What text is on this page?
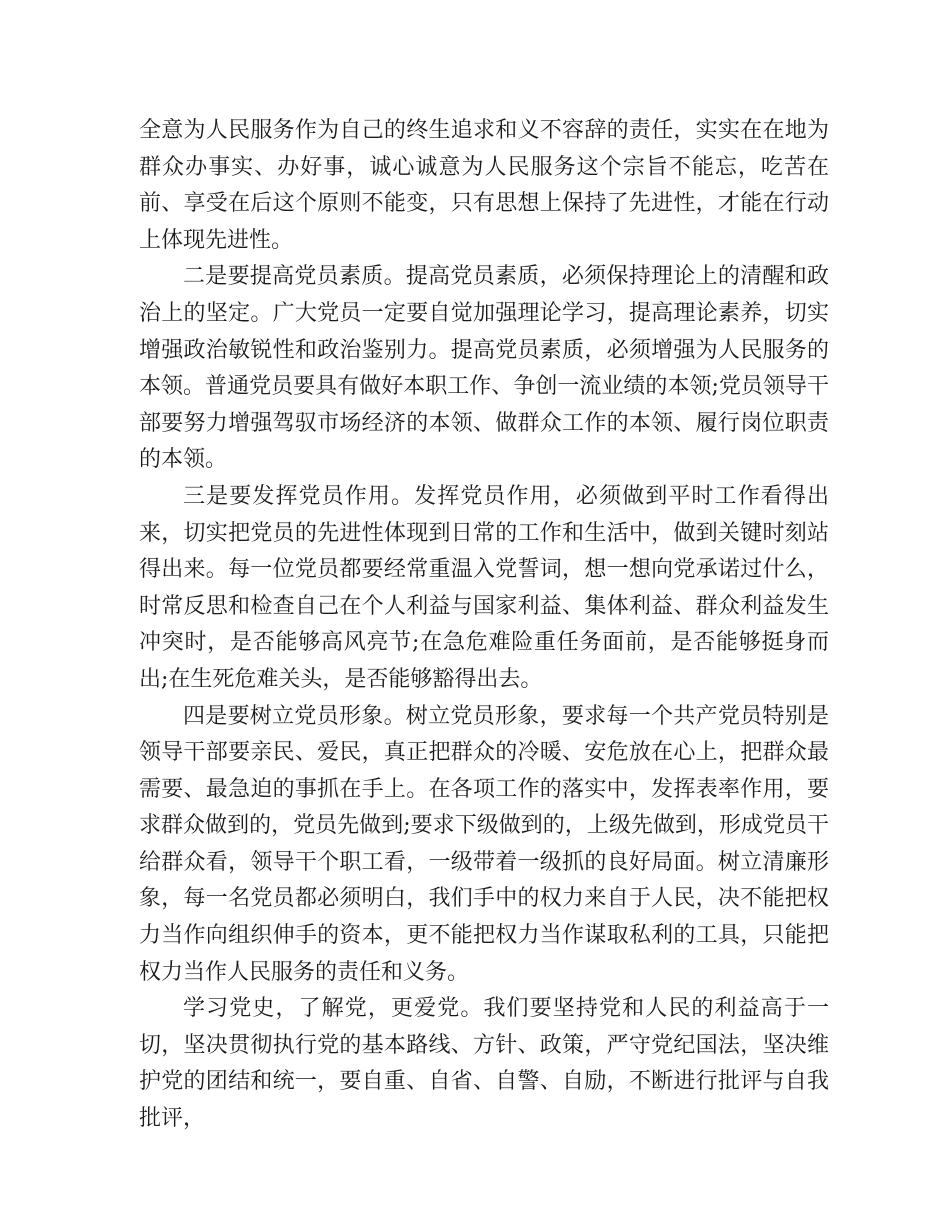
全意为人民服务作为自己的终生追求和义不容辞的责任，实实在在地为群众办事实、办好事，诚心诚意为人民服务这个宗旨不能忘，吃苦在前、享受在后这个原则不能变，只有思想上保持了先进性，才能在行动上体现先进性。

二是要提高党员素质。提高党员素质，必须保持理论上的清醒和政治上的坚定。广大党员一定要自觉加强理论学习，提高理论素养，切实增强政治敏锐性和政治鉴别力。提高党员素质，必须增强为人民服务的本领。普通党员要具有做好本职工作、争创一流业绩的本领;党员领导干部要努力增强驾驭市场经济的本领、做群众工作的本领、履行岗位职责的本领。

三是要发挥党员作用。发挥党员作用，必须做到平时工作看得出来，切实把党员的先进性体现到日常的工作和生活中，做到关键时刻站得出来。每一位党员都要经常重温入党誓词，想一想向党承诺过什么，时常反思和检查自己在个人利益与国家利益、集体利益、群众利益发生冲突时，是否能够高风亮节;在急危难险重任务面前，是否能够挺身而出;在生死危难关头，是否能够豁得出去。

四是要树立党员形象。树立党员形象，要求每一个共产党员特别是领导干部要亲民、爱民，真正把群众的冷暖、安危放在心上，把群众最需要、最急迫的事抓在手上。在各项工作的落实中，发挥表率作用，要求群众做到的，党员先做到;要求下级做到的，上级先做到，形成党员干给群众看，领导干个职工看，一级带着一级抓的良好局面。树立清廉形象，每一名党员都必须明白，我们手中的权力来自于人民，决不能把权力当作向组织伸手的资本，更不能把权力当作谋取私利的工具，只能把权力当作人民服务的责任和义务。

学习党史，了解党，更爱党。我们要坚持党和人民的利益高于一切，坚决贯彻执行党的基本路线、方针、政策，严守党纪国法，坚决维护党的团结和统一，要自重、自省、自警、自励，不断进行批评与自我批评，
